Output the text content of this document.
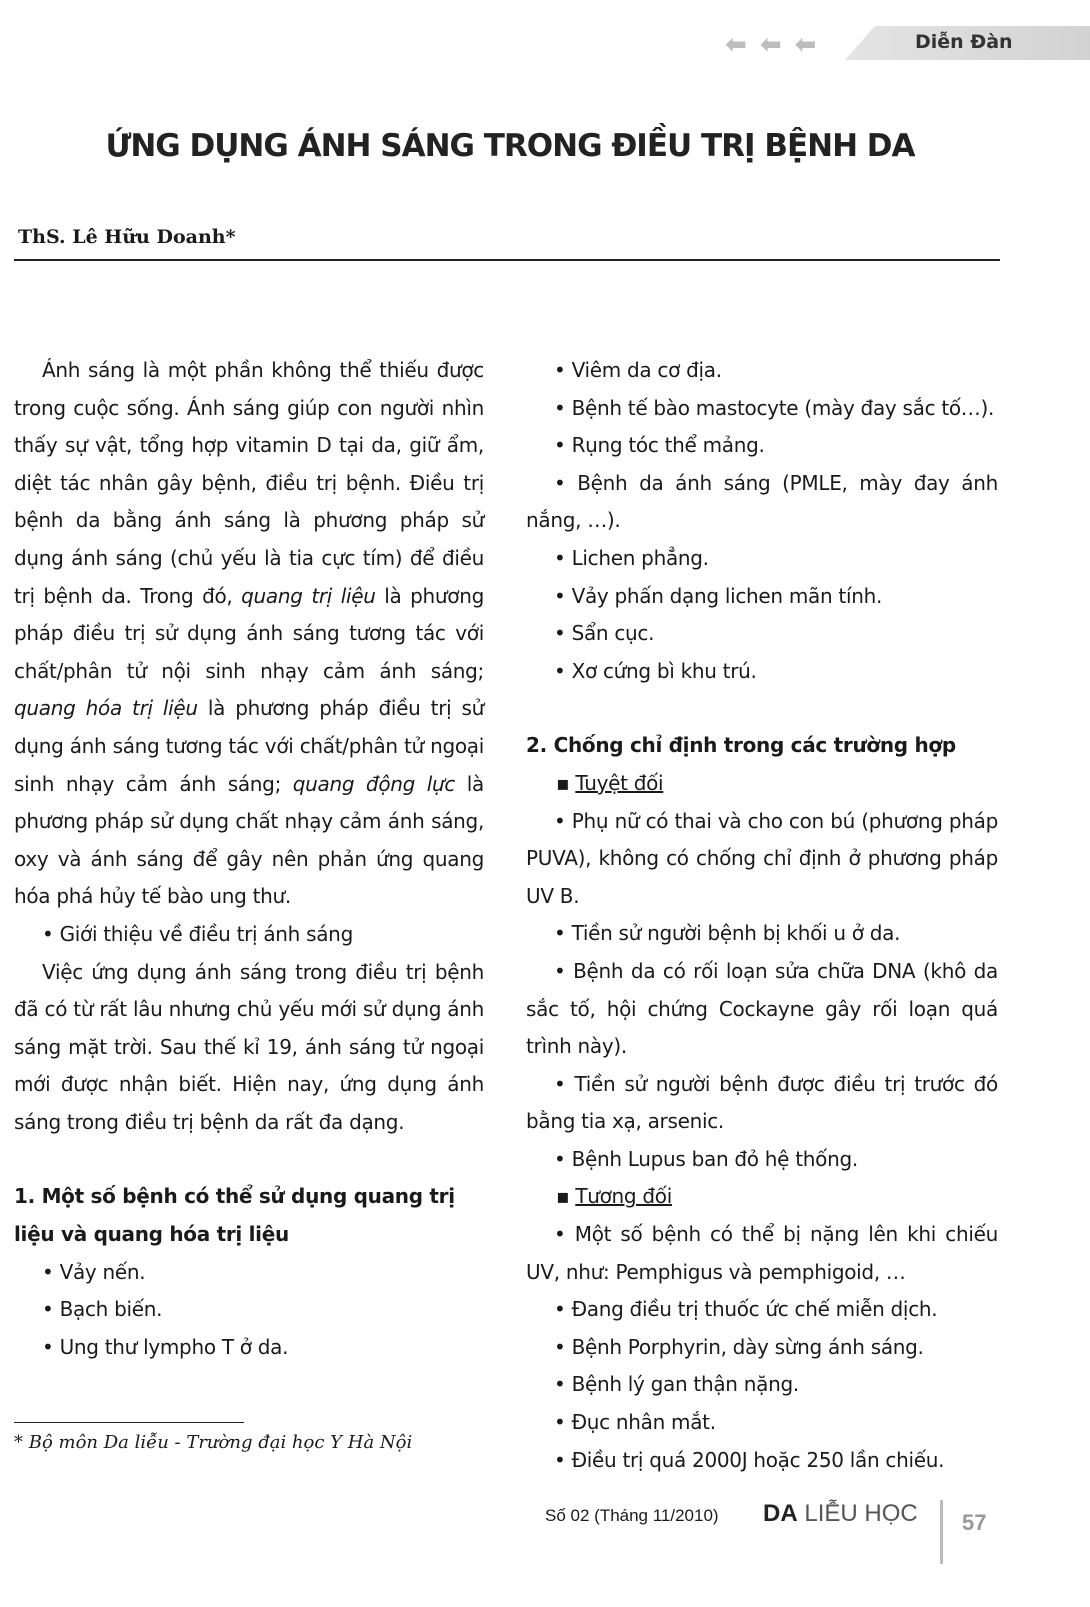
⬅ ⬅ ⬅	Diễn Đàn
ỨNG DỤNG ÁNH SÁNG TRONG ĐIỀU TRỊ BỆNH DA
ThS. Lê Hữu Doanh*

Ánh sáng là một phần không thể thiếu được trong cuộc sống. Ánh sáng giúp con người nhìn thấy sự vật, tổng hợp vitamin D tại da, giữ ẩm, diệt tác nhân gây bệnh, điều trị bệnh. Điều trị bệnh da bằng ánh sáng là phương pháp sử dụng ánh sáng (chủ yếu là tia cực tím) để điều trị bệnh da. Trong đó, quang trị liệu là phương pháp điều trị sử dụng ánh sáng tương tác với chất/phân tử nội sinh nhạy cảm ánh sáng; quang hóa trị liệu là phương pháp điều trị sử dụng ánh sáng tương tác với chất/phân tử ngoại sinh nhạy cảm ánh sáng; quang động lực là phương pháp sử dụng chất nhạy cảm ánh sáng, oxy và ánh sáng để gây nên phản ứng quang hóa phá hủy tế bào ung thư.

• Giới thiệu về điều trị ánh sáng

Việc ứng dụng ánh sáng trong điều trị bệnh đã có từ rất lâu nhưng chủ yếu mới sử dụng ánh sáng mặt trời. Sau thế kỉ 19, ánh sáng tử ngoại mới được nhận biết. Hiện nay, ứng dụng ánh sáng trong điều trị bệnh da rất đa dạng.

1. Một số bệnh có thể sử dụng quang trị liệu và quang hóa trị liệu
• Vảy nến.
• Bạch biến.
• Ung thư lympho T ở da.
• Viêm da cơ địa.
• Bệnh tế bào mastocyte (mày đay sắc tố…).
• Rụng tóc thể mảng.
• Bệnh da ánh sáng (PMLE, mày đay ánh nắng, …).
• Lichen phẳng.
• Vảy phấn dạng lichen mãn tính.
• Sẩn cục.
• Xơ cứng bì khu trú.
2. Chống chỉ định trong các trường hợp
▪ Tuyệt đối
• Phụ nữ có thai và cho con bú (phương pháp PUVA), không có chống chỉ định ở phương pháp UV B.
• Tiền sử người bệnh bị khối u ở da.
• Bệnh da có rối loạn sửa chữa DNA (khô da sắc tố, hội chứng Cockayne gây rối loạn quá trình này).
• Tiền sử người bệnh được điều trị trước đó bằng tia xạ, arsenic.
• Bệnh Lupus ban đỏ hệ thống.
▪ Tương đối
• Một số bệnh có thể bị nặng lên khi chiếu UV, như: Pemphigus và pemphigoid, …
• Đang điều trị thuốc ức chế miễn dịch.
• Bệnh Porphyrin, dày sừng ánh sáng.
• Bệnh lý gan thận nặng.
• Đục nhân mắt.
• Điều trị quá 2000J hoặc 250 lần chiếu.
* Bộ môn Da liễu - Trường đại học Y Hà Nội
Số 02 (Tháng 11/2010) DA LIỄU HỌC 57
